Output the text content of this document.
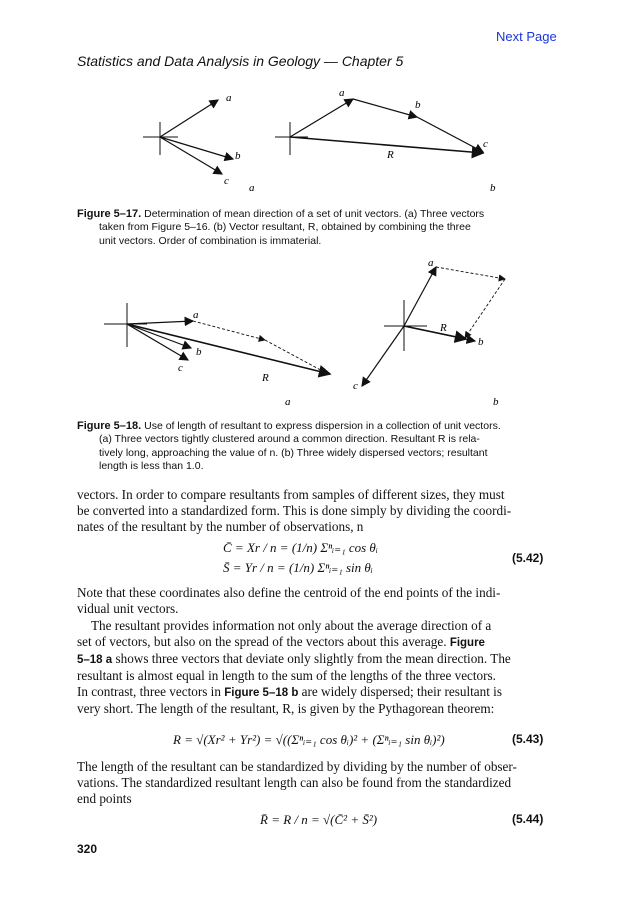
Next Page
Statistics and Data Analysis in Geology — Chapter 5
a
b
c
a
b
c
R
a	b
Figure 5–17. Determination of mean direction of a set of unit vectors. (a) Three vectors
taken from Figure 5–16. (b) Vector resultant, R, obtained by combining the three
unit vectors. Order of combination is immaterial.
a
b
c
R
a
R
b
c
a	b
Figure 5–18. Use of length of resultant to express dispersion in a collection of unit vectors.
(a) Three vectors tightly clustered around a common direction. Resultant R is rela-
tively long, approaching the value of n. (b) Three widely dispersed vectors; resultant
length is less than 1.0.
vectors. In order to compare resultants from samples of different sizes, they must
be converted into a standardized form. This is done simply by dividing the coordi-
nates of the resultant by the number of observations, n
C̄ = Xr / n = (1/n) Σⁿᵢ₌₁ cos θᵢ
S̄ = Yr / n = (1/n) Σⁿᵢ₌₁ sin θᵢ
(5.42)
Note that these coordinates also define the centroid of the end points of the indi-
vidual unit vectors.
The resultant provides information not only about the average direction of a
set of vectors, but also on the spread of the vectors about this average. Figure
5–18 a shows three vectors that deviate only slightly from the mean direction. The
resultant is almost equal in length to the sum of the lengths of the three vectors.
In contrast, three vectors in Figure 5–18 b are widely dispersed; their resultant is
very short. The length of the resultant, R, is given by the Pythagorean theorem:
R = √(Xr² + Yr²) = √((Σⁿᵢ₌₁ cos θᵢ)² + (Σⁿᵢ₌₁ sin θᵢ)²)	(5.43)
The length of the resultant can be standardized by dividing by the number of obser-
vations. The standardized resultant length can also be found from the standardized
end points
R̄ = R / n = √(C̄² + S̄²)	(5.44)
320
